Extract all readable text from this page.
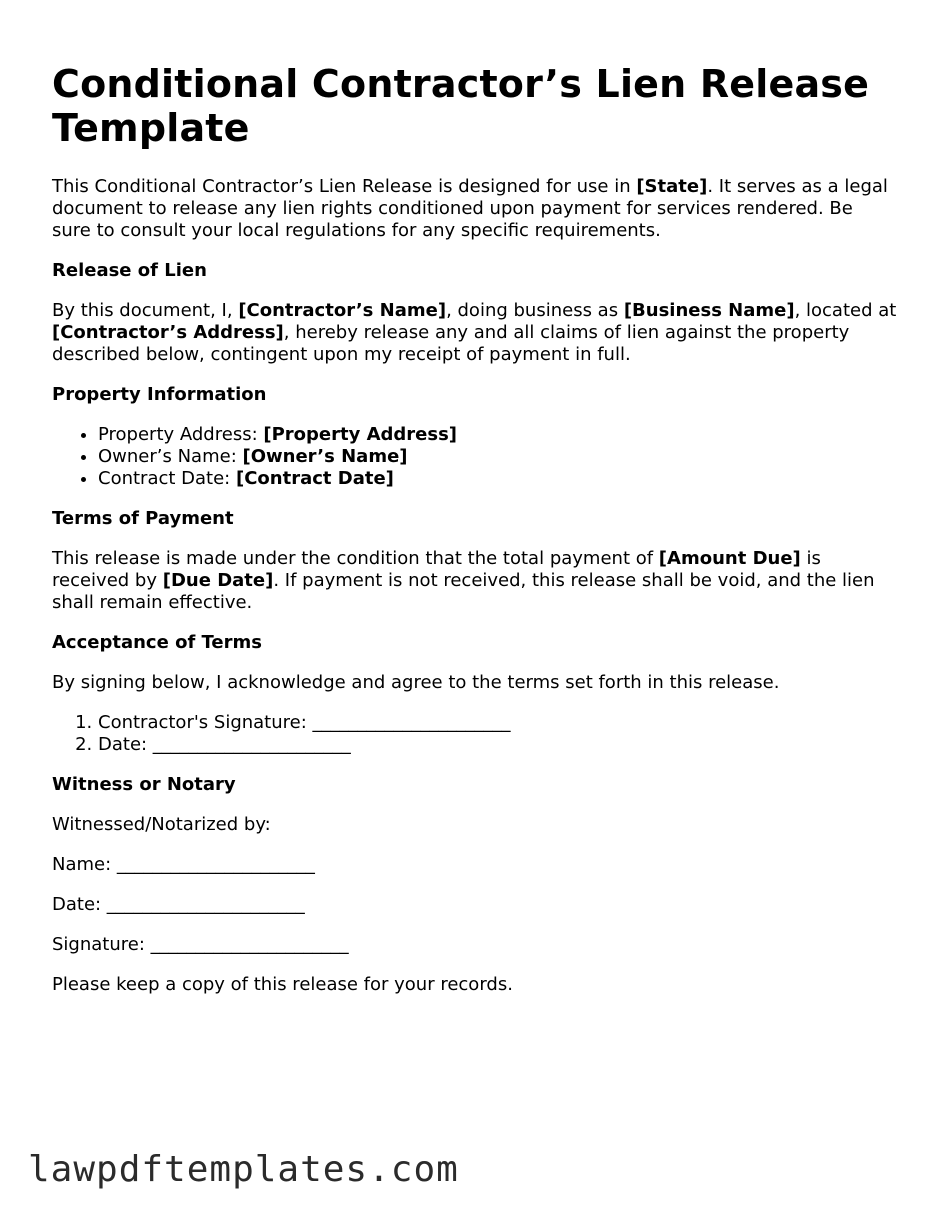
Conditional Contractor’s Lien Release Template

This Conditional Contractor’s Lien Release is designed for use in [State]. It serves as a legal document to release any lien rights conditioned upon payment for services rendered. Be sure to consult your local regulations for any specific requirements.

Release of Lien

By this document, I, [Contractor’s Name], doing business as [Business Name], located at [Contractor’s Address], hereby release any and all claims of lien against the property described below, contingent upon my receipt of payment in full.

Property Information
• Property Address: [Property Address]
• Owner’s Name: [Owner’s Name]
• Contract Date: [Contract Date]
Terms of Payment

This release is made under the condition that the total payment of [Amount Due] is received by [Due Date]. If payment is not received, this release shall be void, and the lien shall remain effective.

Acceptance of Terms

By signing below, I acknowledge and agree to the terms set forth in this release.

1. Contractor's Signature: ______________________
2. Date: ______________________
Witness or Notary

Witnessed/Notarized by:

Name: ______________________

Date: ______________________

Signature: ______________________

Please keep a copy of this release for your records.

lawpdftemplates.com
